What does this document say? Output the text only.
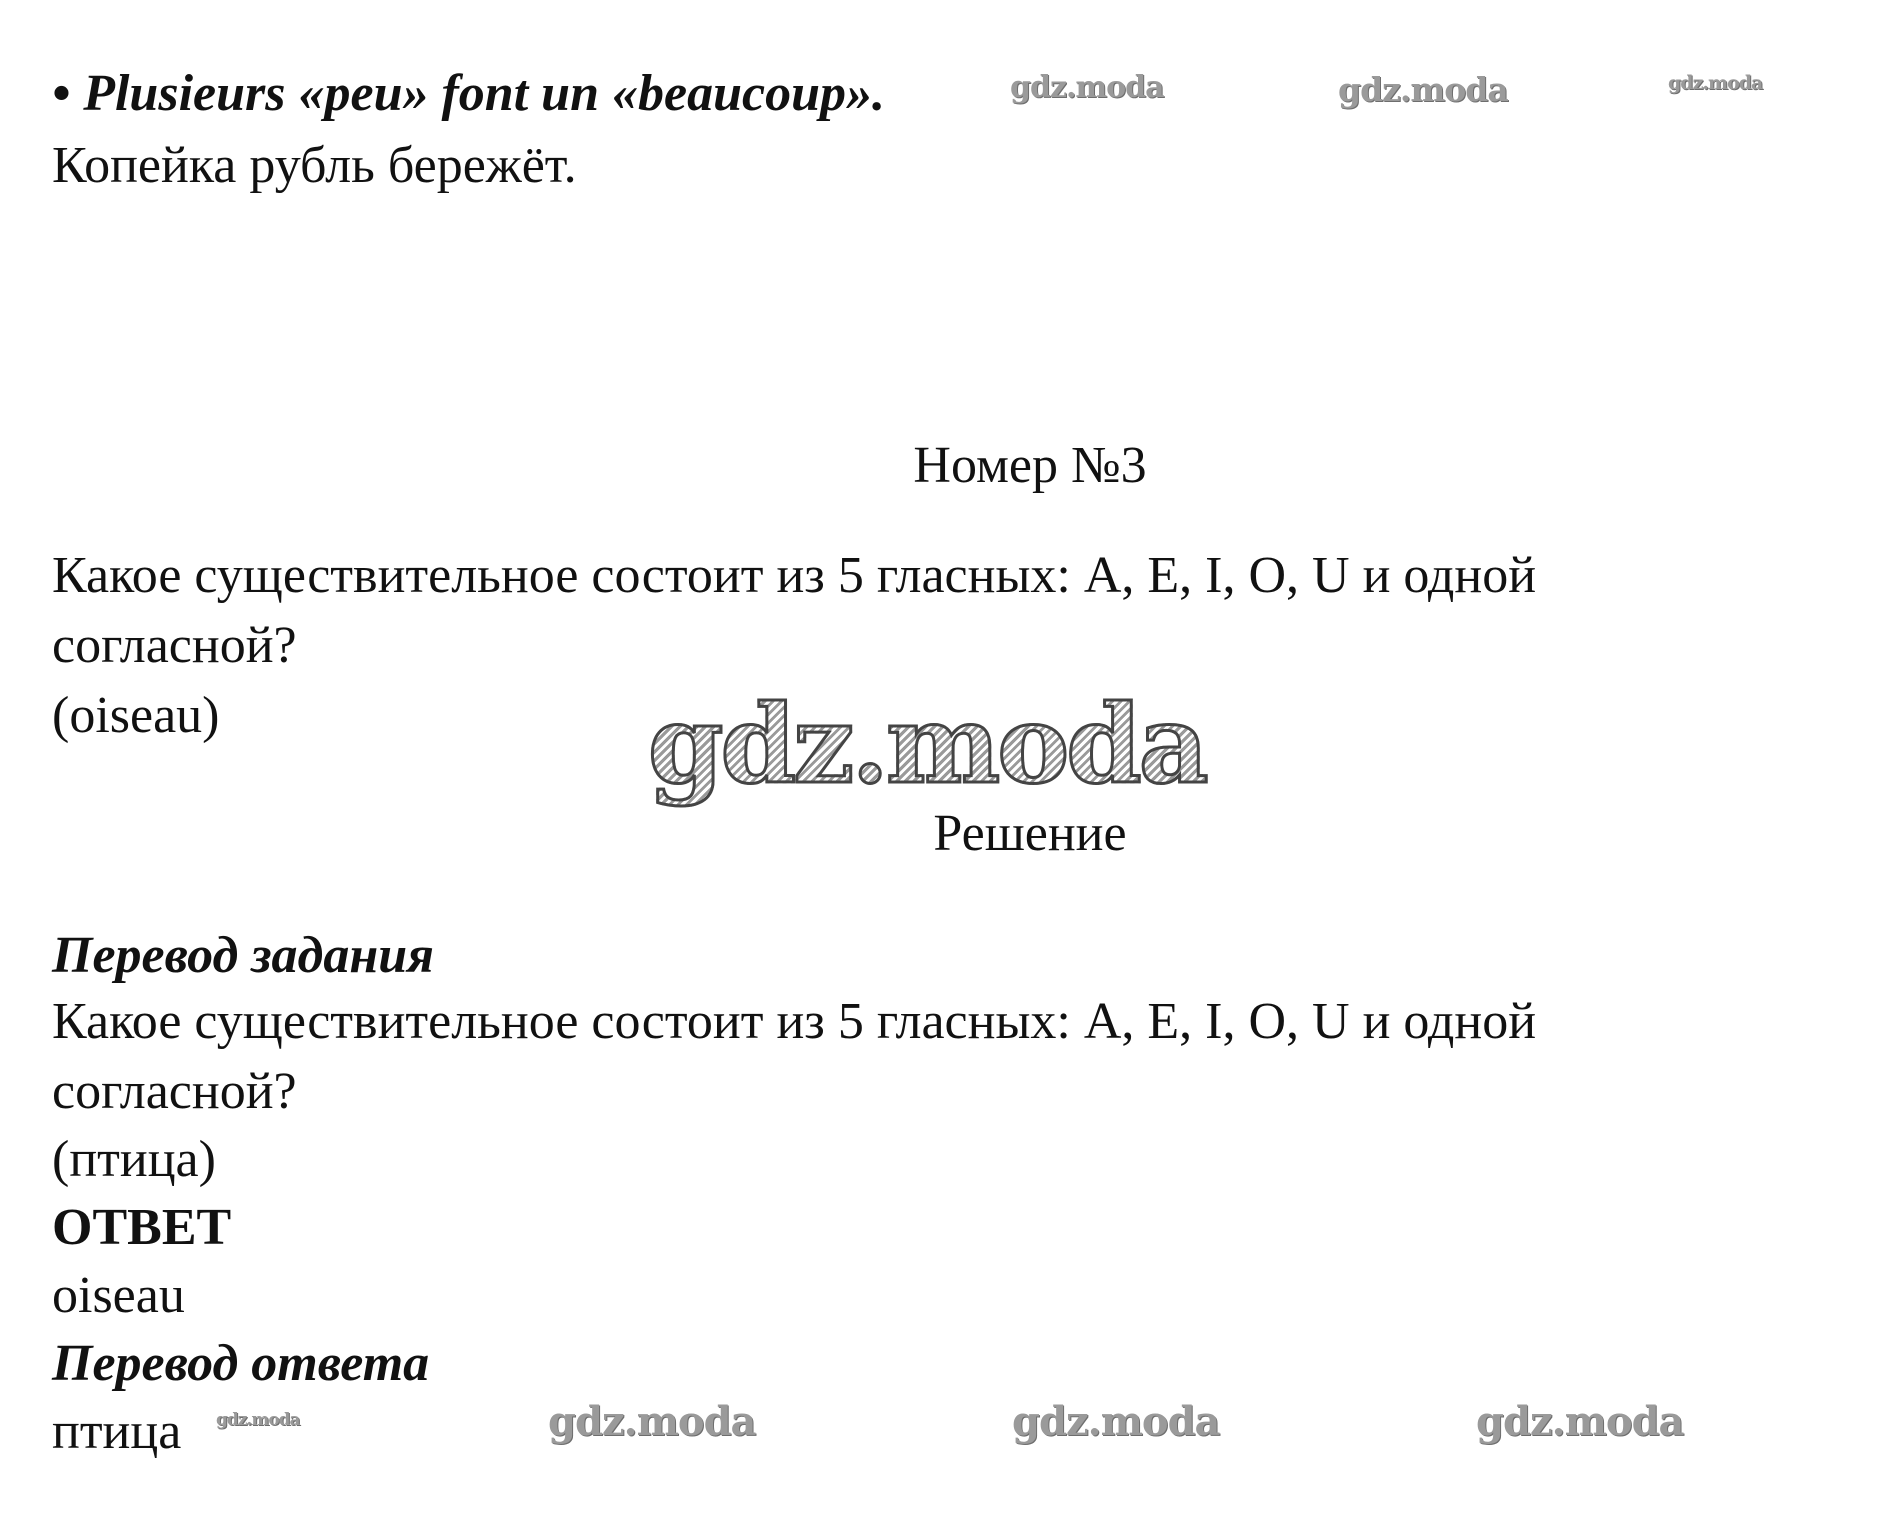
gdz.moda	gdz.moda	gdz.moda
gdz.moda
gdz.moda	gdz.moda	gdz.moda	gdz.moda

• Plusieurs «peu» font un «beaucoup».

Копейка рубль бережёт.

Номер №3

Какое существительное состоит из 5 гласных: A, E, I, O, U и одной

согласной?

(oiseau)

Решение

Перевод задания

Какое существительное состоит из 5 гласных: A, E, I, O, U и одной

согласной?

(птица)

ОТВЕТ

oiseau

Перевод ответа

птица
